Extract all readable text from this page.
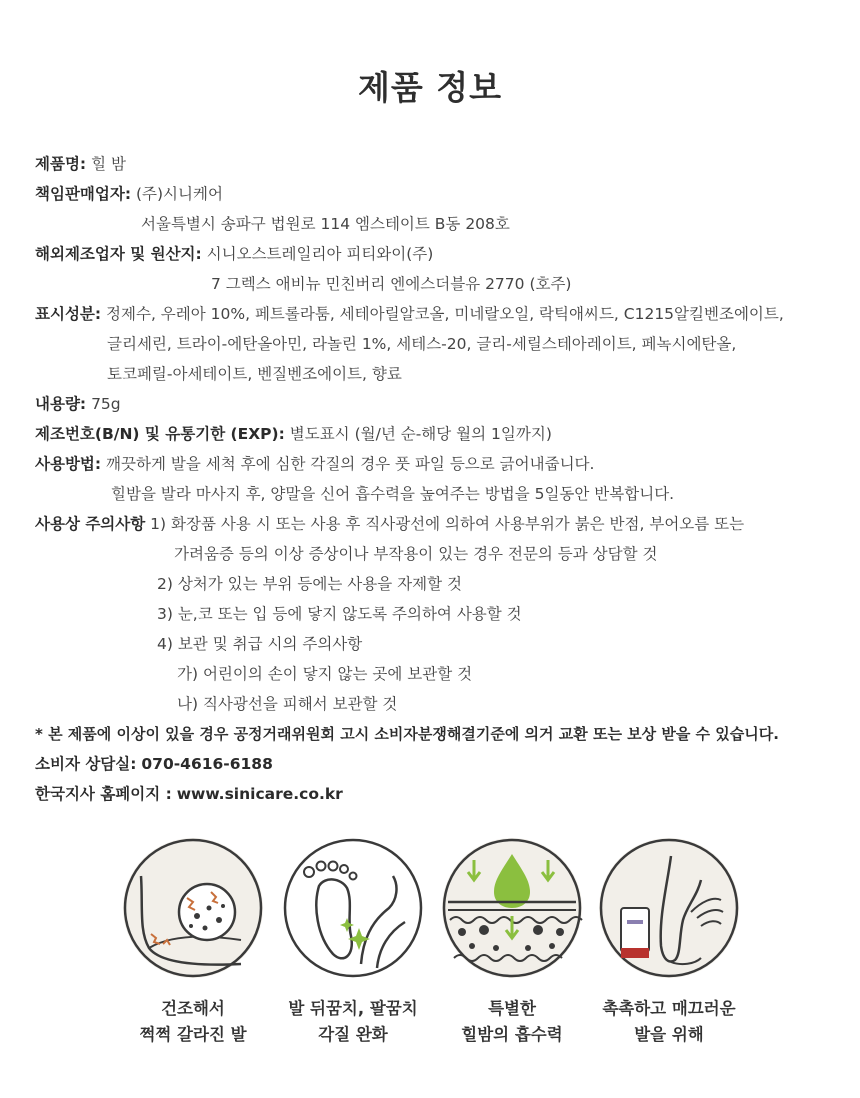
제품 정보
제품명: 힐 밤
책임판매업자: (주)시니케어
서울특별시 송파구 법원로 114 엠스테이트 B동 208호
해외제조업자 및 원산지: 시니오스트레일리아 피티와이(주)
7 그렉스 애비뉴 민친버리 엔에스더블유 2770 (호주)
표시성분: 정제수, 우레아 10%, 페트롤라툼, 세테아릴알코올, 미네랄오일, 락틱애씨드, C1215알킬벤조에이트,
글리세린, 트라이-에탄올아민, 라놀린 1%, 세테스-20, 글리-세릴스테아레이트, 페녹시에탄올,
토코페릴-아세테이트, 벤질벤조에이트, 향료
내용량: 75g
제조번호(B/N) 및 유통기한 (EXP): 별도표시 (월/년 순-해당 월의 1일까지)
사용방법: 깨끗하게 발을 세척 후에 심한 각질의 경우 풋 파일 등으로 긁어내줍니다.
힐밤을 발라 마사지 후, 양말을 신어 흡수력을 높여주는 방법을 5일동안 반복합니다.
사용상 주의사항 1) 화장품 사용 시 또는 사용 후 직사광선에 의하여 사용부위가 붉은 반점, 부어오름 또는
가려움증 등의 이상 증상이나 부작용이 있는 경우 전문의 등과 상담할 것
2) 상처가 있는 부위 등에는 사용을 자제할 것
3) 눈,코 또는 입 등에 닿지 않도록 주의하여 사용할 것
4) 보관 및 취급 시의 주의사항
가) 어린이의 손이 닿지 않는 곳에 보관할 것
나) 직사광선을 피해서 보관할 것
* 본 제품에 이상이 있을 경우 공정거래위원회 고시 소비자분쟁해결기준에 의거 교환 또는 보상 받을 수 있습니다.
소비자 상담실: 070-4616-6188
한국지사 홈페이지 : www.sinicare.co.kr
건조해서
쩍쩍 갈라진 발
발 뒤꿈치, 팔꿈치
각질 완화
특별한
힐밤의 흡수력
촉촉하고 매끄러운
발을 위해
